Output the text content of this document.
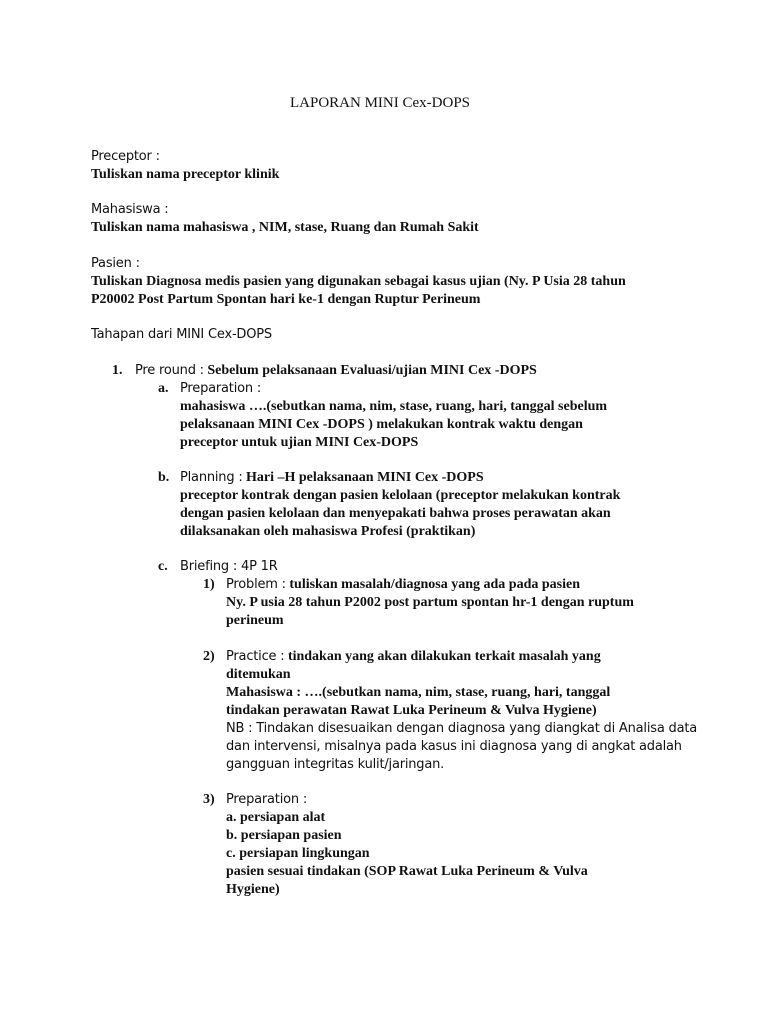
LAPORAN MINI Cex-DOPS
Preceptor :
Tuliskan nama preceptor klinik
Mahasiswa :
Tuliskan nama mahasiswa , NIM, stase, Ruang dan Rumah Sakit
Pasien :
Tuliskan Diagnosa medis pasien yang digunakan sebagai kasus ujian (Ny. P Usia 28 tahun
P20002 Post Partum Spontan hari ke-1 dengan Ruptur Perineum
Tahapan dari MINI Cex-DOPS
1. Pre round : Sebelum pelaksanaan Evaluasi/ujian MINI Cex -DOPS
a. Preparation :
mahasiswa ….(sebutkan nama, nim, stase, ruang, hari, tanggal sebelum
pelaksanaan MINI Cex -DOPS ) melakukan kontrak waktu dengan
preceptor untuk ujian MINI Cex-DOPS
b. Planning : Hari –H pelaksanaan MINI Cex -DOPS
preceptor kontrak dengan pasien kelolaan (preceptor melakukan kontrak
dengan pasien kelolaan dan menyepakati bahwa proses perawatan akan
dilaksanakan oleh mahasiswa Profesi (praktikan)
c. Briefing : 4P 1R
1) Problem : tuliskan masalah/diagnosa yang ada pada pasien
Ny. P usia 28 tahun P2002 post partum spontan hr-1 dengan ruptum
perineum
2) Practice : tindakan yang akan dilakukan terkait masalah yang
ditemukan
Mahasiswa : ….(sebutkan nama, nim, stase, ruang, hari, tanggal
tindakan perawatan Rawat Luka Perineum & Vulva Hygiene)
NB : Tindakan disesuaikan dengan diagnosa yang diangkat di Analisa data
dan intervensi, misalnya pada kasus ini diagnosa yang di angkat adalah
gangguan integritas kulit/jaringan.
3) Preparation :
a. persiapan alat
b. persiapan pasien
c. persiapan lingkungan
pasien sesuai tindakan (SOP Rawat Luka Perineum & Vulva
Hygiene)
